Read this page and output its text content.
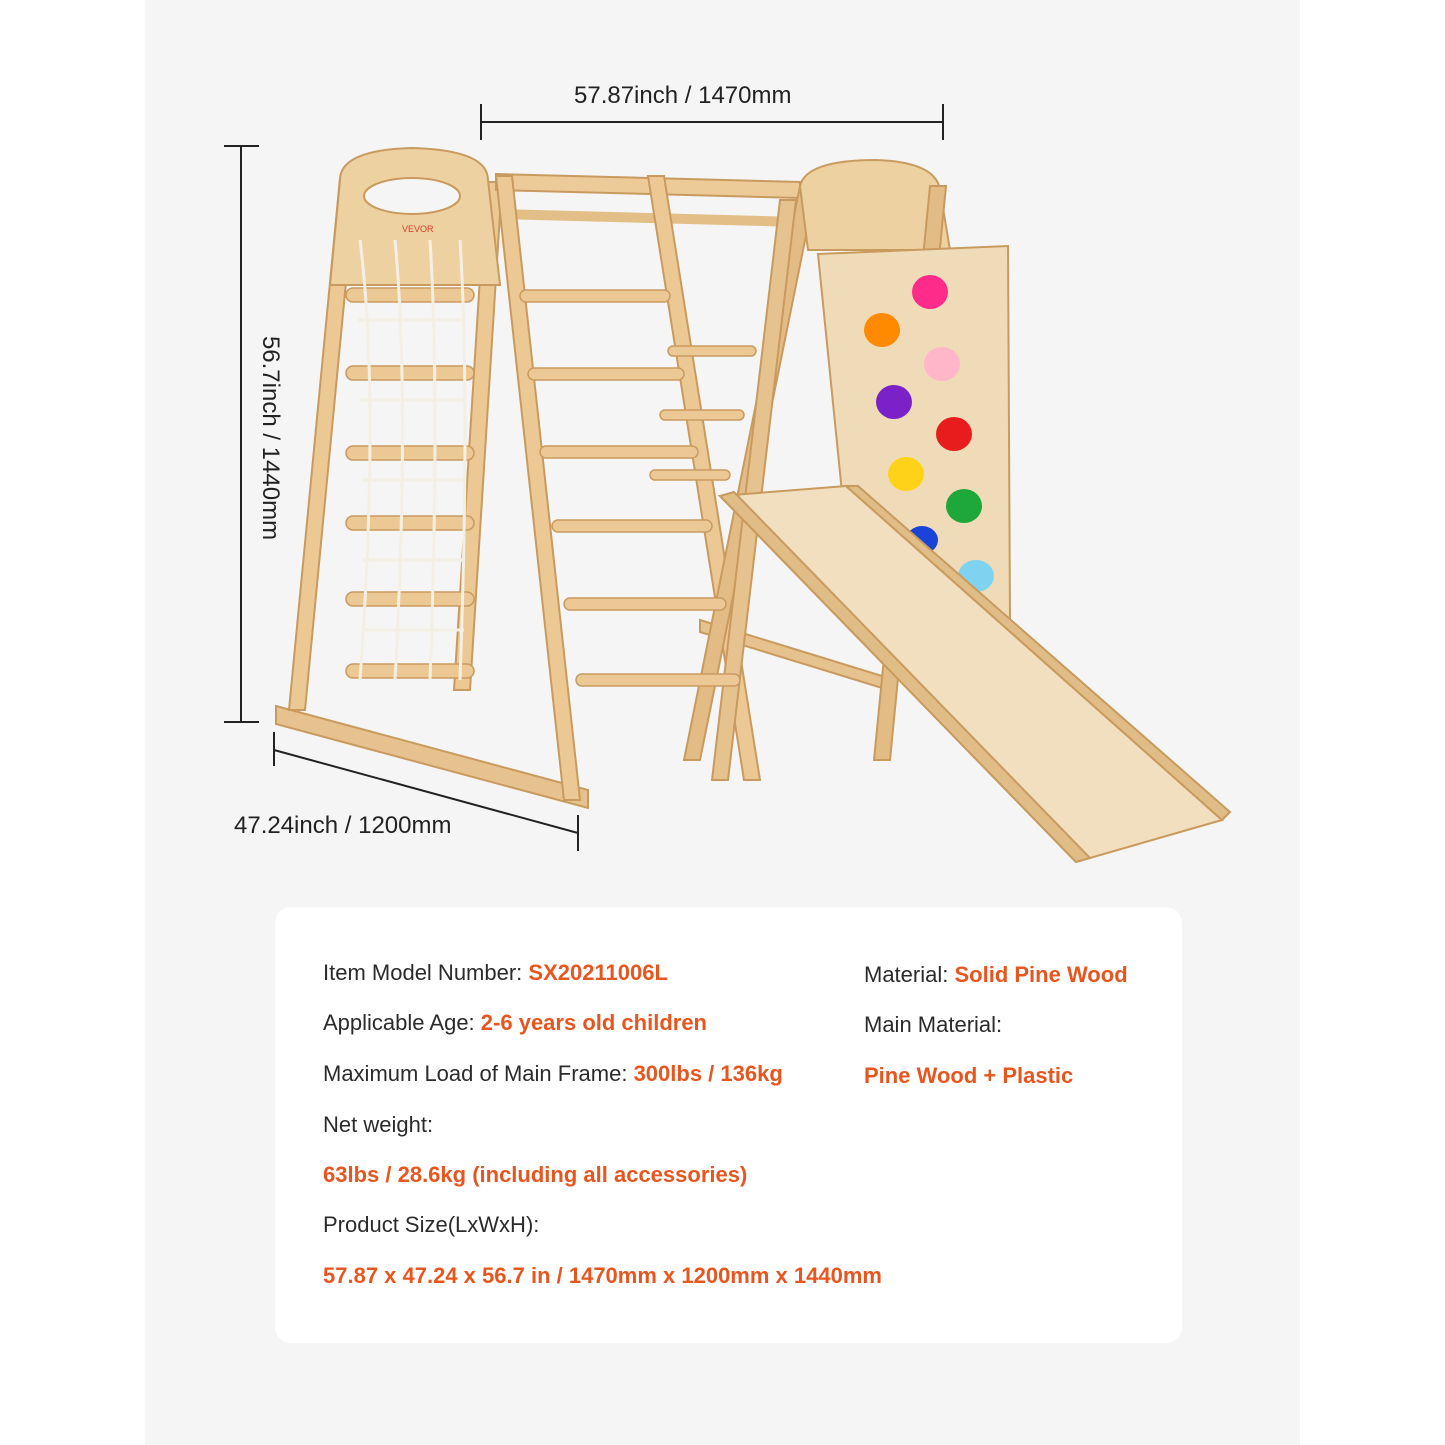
VEVOR
57.87inch / 1470mm
56.7inch / 1440mm
47.24inch / 1200mm
Item Model Number: SX20211006L	Material: Solid Pine Wood
Applicable Age: 2-6 years old children	Main Material:
Maximum Load of Main Frame: 300lbs / 136kg	Pine Wood + Plastic
Net weight:
63lbs / 28.6kg (including all accessories)
Product Size(LxWxH):
57.87 x 47.24 x 56.7 in / 1470mm x 1200mm x 1440mm
